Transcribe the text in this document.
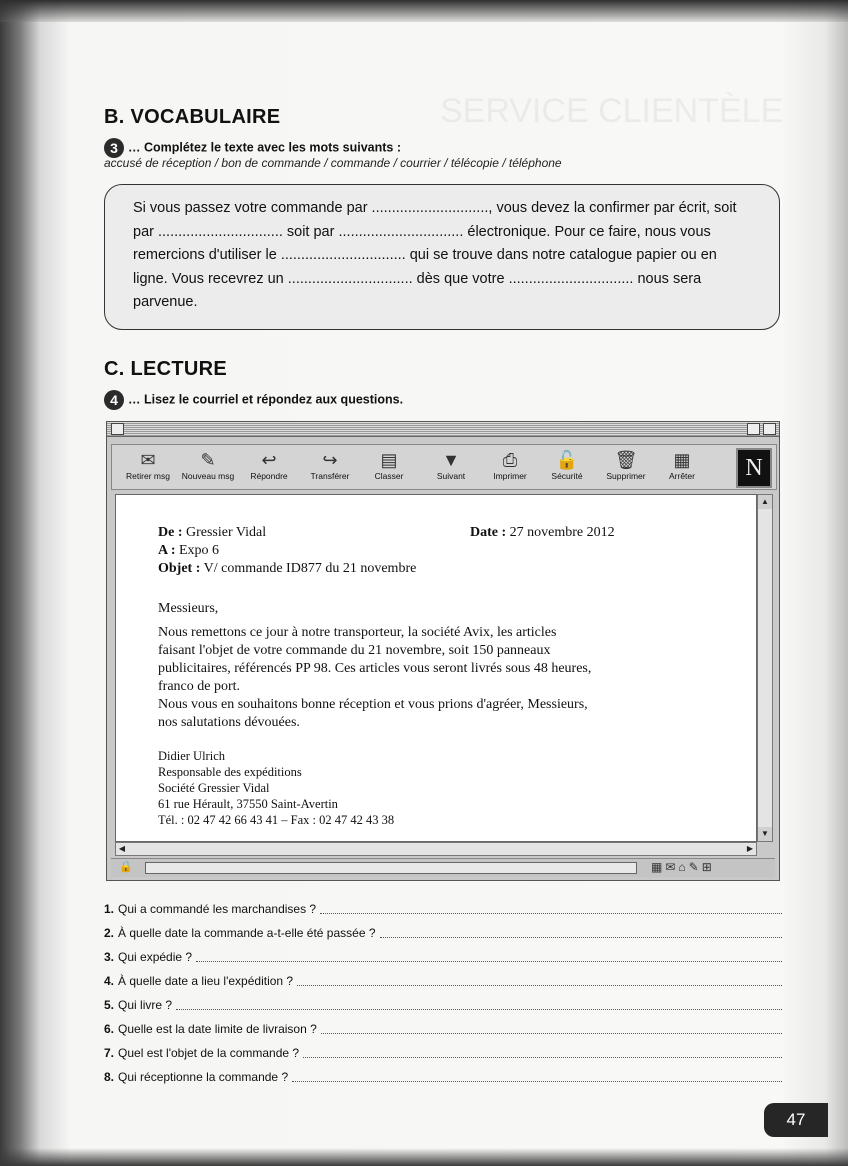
SERVICE CLIENTÈLE
B. VOCABULAIRE
3 … Complétez le texte avec les mots suivants :
accusé de réception / bon de commande / commande / courrier / télécopie / téléphone

Si vous passez votre commande par ............................., vous devez la confirmer par écrit, soit par ............................... soit par ............................... électronique. Pour ce faire, nous vous remercions d'utiliser le ............................... qui se trouve dans notre catalogue papier ou en ligne. Vous recevrez un ............................... dès que votre ............................... nous sera parvenue.

C. LECTURE
4 … Lisez le courriel et répondez aux questions.
✉
Retirer msg
✎
Nouveau msg
↩
Répondre
↪
Transférer
▤
Classer
▼
Suivant
⎙
Imprimer
🔓
Sécurité
🗑
Supprimer
▦
Arrêter	N
De : Gressier Vidal	Date : 27 novembre 2012
A : Expo 6
Objet : V/ commande ID877 du 21 novembre
Messieurs,
Nous remettons ce jour à notre transporteur, la société Avix, les articles
faisant l'objet de votre commande du 21 novembre, soit 150 panneaux
publicitaires, référencés PP 98. Ces articles vous seront livrés sous 48 heures,
franco de port.
Nous vous en souhaitons bonne réception et vous prions d'agréer, Messieurs,
nos salutations dévouées.
Didier Ulrich
Responsable des expéditions
Société Gressier Vidal
61 rue Hérault, 37550 Saint-Avertin
Tél. : 02 47 42 66 43 41 – Fax : 02 47 42 43 38
▲
▼
◀	▶
🔒	▦✉⌂✎⊞
1. Qui a commandé les marchandises ?
2. À quelle date la commande a-t-elle été passée ?
3. Qui expédie ?
4. À quelle date a lieu l'expédition ?
5. Qui livre ?
6. Quelle est la date limite de livraison ?
7. Quel est l'objet de la commande ?
8. Qui réceptionne la commande ?
47
